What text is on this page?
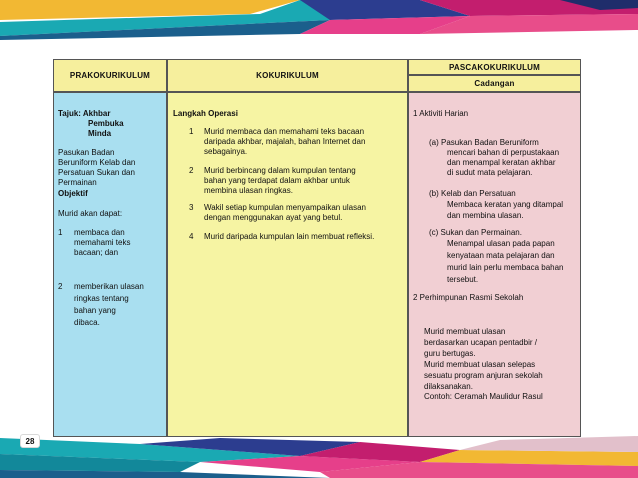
28
PRAKOKURIKULUM	KOKURIKULUM
PASCAKOKURIKULUM
Cadangan
Tajuk: Akhbar
Pembuka
Minda
Pasukan Badan
Beruniform Kelab dan
Persatuan Sukan dan
Permainan
Objektif
Murid akan dapat:
1 membaca dan
memahami teks
bacaan; dan
2 memberikan ulasan
ringkas tentang
bahan yang
dibaca.
Langkah Operasi
1 Murid membaca dan memahami teks bacaan
daripada akhbar, majalah, bahan Internet dan
sebagainya.
2 Murid berbincang dalam kumpulan tentang
bahan yang terdapat dalam akhbar untuk
membina ulasan ringkas.
3 Wakil setiap kumpulan menyampaikan ulasan
dengan menggunakan ayat yang betul.
4 Murid daripada kumpulan lain membuat refleksi.
1 Aktiviti Harian
(a) Pasukan Badan Beruniform
mencari bahan di perpustakaan
dan menampal keratan akhbar
di sudut mata pelajaran.
(b) Kelab dan Persatuan
Membaca keratan yang ditampal
dan membina ulasan.
(c) Sukan dan Permainan.
Menampal ulasan pada papan
kenyataan mata pelajaran dan
murid lain perlu membaca bahan
tersebut.
2 Perhimpunan Rasmi Sekolah
Murid membuat ulasan
berdasarkan ucapan pentadbir /
guru bertugas.
Murid membuat ulasan selepas
sesuatu program anjuran sekolah
dilaksanakan.
Contoh: Ceramah Maulidur Rasul
